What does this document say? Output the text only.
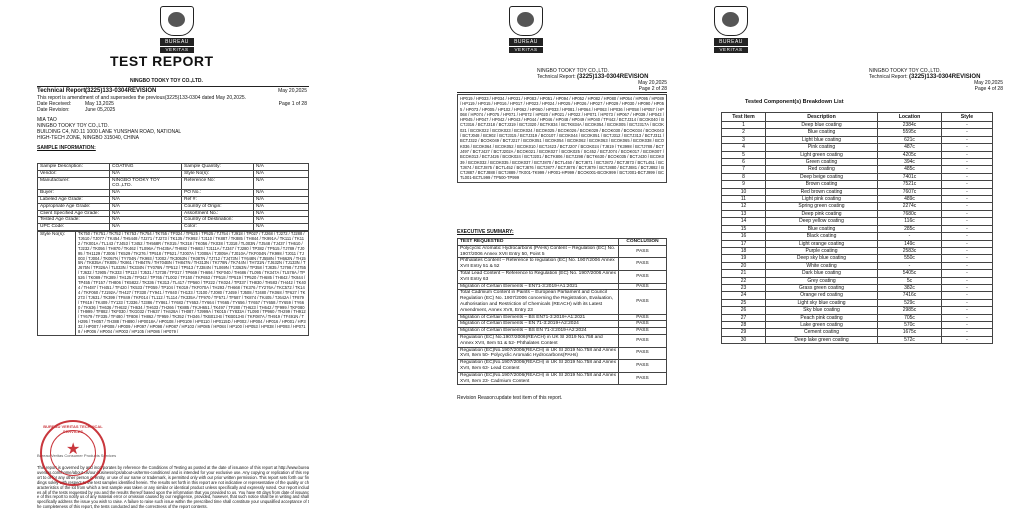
BUREAU
VERITAS
TEST REPORT
NINGBO TOOKY TOY CO.,LTD.
Technical Report:
(3225)133-0304REVISION	May 20,2025
This report is amendment of and supersedes the previous(3225)133-0304 dated May 20,2025.
Date Received:	May 13,2025	Page 1 of 28
Date Revision:	June 05,2025
MIA TAO
NINGBO TOOKY TOY CO.,LTD.
BUILDING C4, NO.11 1000 LANE YUNSHAN ROAD, NATIONAL
HIGH-TECH ZONE, NINGBO 315040, CHINA
SAMPLE INFORMATION:
Sample Description:	COATING	Sample Quantity:	N/A
Vendor:	N/A	Style No(s):	N/A
Manufacturer:	NINGBO TOOKY TOY CO.,LTD.	Reference No:	N/A
Buyer:	N/A	PO No.:	N/A
Labeled Age Grade:	N/A	Ref #:	N/A
Appropriate Age Grade:	N/A	Country of Origin:	N/A
Client Specified Age Grade:	N/A	Assortment No.:	N/A
Tested Age Grade:	N/A	Country of Destination:	N/A
UPC Code:	N/A	Color:	N/A
Style No(s):	TK750 / TK751 / TK752 / TK753 / TK754 / TK755 / TP324 / TP525 / TP525 / TJ754 / TJ918 / TP027 / TJ268 / TJ272 / TJ288 / TJ610 / TJ077 / TK454 / TH5448 / TJ271 / TJ273 / TK135 / TK992 / TJ110 / TK887 / TK885 / TH844 / TK991A / TK111 / TK112 / TK001A / TL143 / TJ453 / TJ452 / TH568R / TK015 / TK318 / TK056 / TK038 / TJ318 / TL003N / TJ548 / TJ437 / TH610 / TJ232 / TK056 / TH870 / TK462 / TL096A / TH435A / TH882 / TH683 / TJ111A / TJ347 / TJ280 / TP382 / TP515 / TJ789 / TJ095 / TH1129 / TJ006 / TK529 / TK276 / TP518 / TP521 / TJ007A / TJ008A / TJ009A / TJ010A / TKF004N / TK998 / TJ011 / TJ003 / TJ004 / TK057N / TY704N / TK993 / TJ002 / TK3053N / TK087N / TJ712 / TJ473N / TY648N / TJ558N / TH662N / TH155N / TK835A / TK805 / TK861 / TH847N / TH704BN / TH847N / TH313N / TK778N / TK744N / TH731N / TJ632N / TJ133N / TJ675N / TP326A / TL033N / TK334N / TY078N / TP512 / TP513 / TJ384N / TL069N / TJ363N / TP358 / TJ835 / TJ798 / TJ755 / TJ632 / TJ905 / TK333 / TP113 / TJ531 / TJ738 / TP317 / TP669 / TH694 / TKF040 / TH686 / TL095 / TK347A / TL578A / TP526 / TK089 / TK389 / TH125 / TP342 / TP765 / TL002 / TF150 / TKF653 / TP518 / TP519 / TP520 / TH685 / TH842 / TK844 / TP455 / TF157 / TH806 / TK5822 / TK336 / TK313 / TL417 / TP560 / TP222 / TK024 / TP337 / TH830 / TH583 / TH442 / TK404 / TH487 / TH451 / TF420 / TK533 / TP059 / TP104 / TK019 / TKF070A / TH293 / TH668 / TK376 / TY276A / TKC572 / TK144 / TKF060 / TJ192A / TH427 / TF330 / TY941 / TY840 / TH133 / TJ100 / TJ080 / TJ459 / TJ508 / TJ480 / TK068 / TF627 / TK273 / TJ631 / TK399 / TF849 / TKF014 / TL112 / TL114 / TK335A / TF970 / TF571 / TF587 / TK874 / TK405 / TJ642A / TF879 / TF619 / TK409 / TY133 / TJ336 / TJ386 / TY861 / TY683 / TY653 / TY664 / TY665 / TY656 / TY657 / TY658 / TY659 / TY660 / TK636 / TH636 / TH632 / TH634 / TH633 / TH266 / TK885 / TKJH651 / TK497 / TF280 / TH623 / TH642 / TF999 / TKF080 / TH999 / TF882 / TKF030 / TKG032 / TH637 / TH428A / TH087 / TJ999A / TK015 / TY833A / TL090 / TP960 / TH299 / TH912 / TY679 / TF335 / TF480 / TF808 / TH862 / TF959 / TK352 / TH346 / TKB013-B / TKB013-B / TKF087A / TH919 / TF491N / TH295 / TH057 / TH388 / TH890 / HP0018A / HP0108 / HP0109 / HP0110 / HP0115D / HP002 / HP004 / HP016 / HP001 / HP332 / HP007 / HP008 / HP009 / HP097 / HP098 / HP087 / HP103 / HP085 / HP084 / HP100 / HP053 / HP038 / HP093 / HP0718 / HP006 / HP004 / HP003 / HP105 / HP086 / HP079 /
This report is governed by and incorporates by reference the Conditions of Testing as posted at the date of issuance of this report at http://www.bureauveritas.com/home/about-us/our-business/cps/about-us/terms-conditions/ and is intended for your exclusive use. Any copying or replication of this report to or for any other person or entity, or use of our name or trademark, is permitted only with our prior written permission. This report sets forth our findings solely with respect to the test samples identified herein. The results set forth in this report are not indicative or representative of the quality or characteristics of the lot from which a test sample was taken or any similar or identical product unless specifically and expressly noted. Our report includes all of the tests requested by you and the results thereof based upon the information that you provided to us. You have 60 days from date of issuance of this report to notify us of any material error or omission caused by our negligence, provided, however, that such notice shall be in writing and shall specifically address the issue you wish to raise. A failure to raise such issue within the prescribed time shall constitute your unqualified acceptance of the completeness of this report, the tests conducted and the correctness of the report contents.
Bureau Veritas Consumer Products Services
BUREAU VERITAS TECHNICAL SERVICES
★
BUREAU
VERITAS
NINGBO TOOKY TOY CO.,LTD.
Technical Report: (3225)133-0304REVISION
May 20,2025
Page 2 of 28
HP019 / HP033 / HP034 / HP031 / HP083 / HP051 / HP094 / HP052 / HP082 / HP080 / HP054 / HP095 / HP089 / HP119 / HP015 / HP016 / HP017 / HP023 / HP024 / HP025 / HP026 / HP027 / HP029 / HP030 / HP090 / HP055 / HP073 / HP005 / HP102 / HP062 / HP060 / HP033 / HP081 / HP064 / HP063 / HP036 / HP058 / HP057 / HP068 / HP074 / HP075 / HP071 / HP072 / HP020 / HP021 / HP022 / HP071 / HP073 / HP067 / HP039 / HP043 / HP045 / HP047 / HP042 / HP043 / HP044 / HP046 / HP048 / HP049 / HP040 / TP442 / BCTJ314 / BCOK040 / BCTJ316 / BCTJ318 / BCTJ319 / BCTJ320 / BCTK834 / BCTK834A / BCOK054 / BCOK005 / BCTJ317A / BCOK021 / BCOK022 / BCOK023 / BCOK024 / BCOK025 / BCOK026 / BCOK029 / BCOK030 / BCOK034 / BCOK043 / BCTJ048 / BC902 / BCTJ315 / BCTJ319 / BC0107 / BCOK044 / BCOK051 / BCTJ312 / BCTJ313 / BCTJ311 / BCTJ322 / BCOK049 / BCTJ217 / BCOK051 / BCOK054 / BCOK062 / BCOK063 / BCOK065 / BCOK038 / BCOK036 / BCOK064 / BCOK052 / BCOK010 / BCTJ423 / BCTJ207 / BCOK024 / TJ819 / TK3998 / BCTJ788 / BCTJ497 / BCTJ427 / BCTJ202A / BCOK021 / BCOK027 / BCOK025 / SC452 / BCTJ074 / BCOK017 / BCOK007 / BCOK013 / BCTJ426 / BCOK024 / BCTJ201 / BCTK806 / BCTJ298 / BCTK630 / BCOK035 / BCTJ430 / BCOK039 / BCOK032 / BCOK035 / BCOK037 / BCTJ870 / BCTL450 / BCTJ871 / BCTJ872 / BCTJ873 / BCTL451 / BCTJ874 / BCTJ875 / BCTL452 / BCTJ876 / BCTJ877 / BCTJ878 / BCTJ879 / BCTJ880 / BCTJ881 / BCTJ882 / BCTJ887 / BCTJ888 / BCTJ889 / TK001-TK999 / HP001-HP999 / BCOK001-BCOK999 / BCTJ001-BCTJ999 / BCTL001-BCTL999 / TP500-TP999
EXECUTIVE SUMMARY:
TEST REQUESTED	CONCLUSION
Polycyclic Aromatic Hydrocarbons (PAHs) Content – Regulation (EC) No. 1907/2006 Annex XVII Entry 50, Point 5	PASS
Phthalates Content – Reference to regulation (EC) No. 1907/2006 Annex XVII Entry 51 & 52	PASS
Total Lead Content – Reference to Regulation (EC) No. 1907/2006 Annex XVII Entry 63	PASS
Migration of Certain Elements – EN71-3:2019+A1:2021	PASS
Total Cadmium Content in Paints – European Parliament and Council Regulation (EC) No. 1907/2006 concerning the Registration, Evaluation, Authorisation and Restriction of Chemicals (REACH) with its Latest Amendment, Annex XVII, Entry 23	PASS
Migration of Certain Elements – BS EN71-3:2019+A1:2021	PASS
Migration of Certain Elements – EN 71-3:2019+A2:2024	PASS
Migration of Certain Elements – BS EN 71-3:2019+A2:2024	PASS
Regulation (EC) No.1907/2006(REACH) in UK SI 2019 No.758 and Annex XVII, Item 51 & 52- Phthalates Content	PASS
Regulation (EC)No.1907/2006(REACH) in UK SI 2019 No.758 and Annex XVII, Item 50- Polycyclic Aromatic Hydrocarbons(PAHs)	PASS
Regulation (EC)No.1907/2006(REACH) in UK SI 2019 No.758 and Annex XVII, Item 63- Lead Content	PASS
Regulation (EC)No.1907/2006(REACH) in UK SI 2019 No.758 and Annex XVII, Item 23- Cadmium Content	PASS
Revision Reason:update test item of this report.
BUREAU
VERITAS
NINGBO TOOKY TOY CO.,LTD.
Technical Report: (3225)133-0304REVISION
May 20,2025
Page 4 of 28
Tested Component(s) Breakdown List
Test Item	Description	Location	Style
1	Deep blue coating	2384c	-
2	Blue coating	5595c	-
3	Light blue coating	621c	-
4	Pink coating	487c	-
5	Light green coating	4205c	-
6	Green coating	394c	-
7	Red coating	485c	-
8	Deep beige coating	7401c	-
9	Brown coating	7521c	-
10	Red brown coating	7607c	-
11	Light pink coating	489c	-
12	Spring green coating	2274c	-
13	Deep pink coating	7680c	-
14	Deep yellow coating	116c	-
15	Blue coating	285c	-
16	Black coating	-	-
17	Light orange coating	149c	-
18	Purple coating	2583c	-
19	Deep sky blue coating	550c	-
20	White coating	-	-
21	Dark blue coating	5405c	-
22	Grey coating	5c	-
23	Grass green coating	382c	-
24	Orange red coating	7416c	-
25	Light sky blue coating	529c	-
26	Sky blue coating	2985c	-
27	Peach pink coating	705c	-
28	Lake green coating	570c	-
29	Cement coating	1675c	-
30	Deep lake green coating	572c	-
